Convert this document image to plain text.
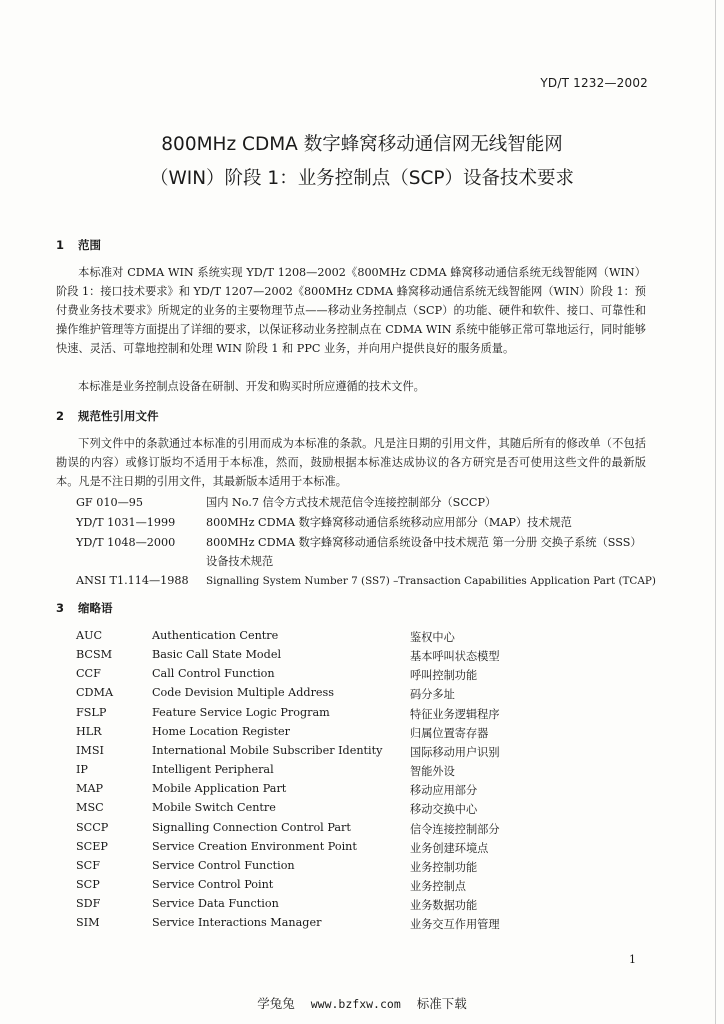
YD/T 1232—2002
800MHz CDMA 数字蜂窝移动通信网无线智能网
（WIN）阶段 1：业务控制点（SCP）设备技术要求
1 范围
本标准对 CDMA WIN 系统实现 YD/T 1208—2002《800MHz CDMA 蜂窝移动通信系统无线智能网（WIN）阶段 1：接口技术要求》和 YD/T 1207—2002《800MHz CDMA 蜂窝移动通信系统无线智能网（WIN）阶段 1：预付费业务技术要求》所规定的业务的主要物理节点——移动业务控制点（SCP）的功能、硬件和软件、接口、可靠性和操作维护管理等方面提出了详细的要求，以保证移动业务控制点在 CDMA WIN 系统中能够正常可靠地运行，同时能够快速、灵活、可靠地控制和处理 WIN 阶段 1 和 PPC 业务，并向用户提供良好的服务质量。
本标准是业务控制点设备在研制、开发和购买时所应遵循的技术文件。
2 规范性引用文件
下列文件中的条款通过本标准的引用而成为本标准的条款。凡是注日期的引用文件，其随后所有的修改单（不包括勘误的内容）或修订版均不适用于本标准，然而，鼓励根据本标准达成协议的各方研究是否可使用这些文件的最新版本。凡是不注日期的引用文件，其最新版本适用于本标准。
GF 010—95	国内 No.7 信令方式技术规范信令连接控制部分（SCCP）
YD/T 1031—1999	800MHz CDMA 数字蜂窝移动通信系统移动应用部分（MAP）技术规范
YD/T 1048—2000	800MHz CDMA 数字蜂窝移动通信系统设备中技术规范 第一分册 交换子系统（SSS）设备技术规范
ANSI T1.114—1988 Signalling System Number 7 (SS7) –Transaction Capabilities Application Part (TCAP)
3 缩略语
AUC	Authentication Centre	鉴权中心
BCSM	Basic Call State Model	基本呼叫状态模型
CCF	Call Control Function	呼叫控制功能
CDMA	Code Devision Multiple Address	码分多址
FSLP	Feature Service Logic Program	特征业务逻辑程序
HLR	Home Location Register	归属位置寄存器
IMSI	International Mobile Subscriber Identity 国际移动用户识别
IP	Intelligent Peripheral	智能外设
MAP	Mobile Application Part	移动应用部分
MSC	Mobile Switch Centre	移动交换中心
SCCP	Signalling Connection Control Part	信令连接控制部分
SCEP	Service Creation Environment Point	业务创建环境点
SCF	Service Control Function	业务控制功能
SCP	Service Control Point	业务控制点
SDF	Service Data Function	业务数据功能
SIM	Service Interactions Manager	业务交互作用管理
1
学兔兔 www.bzfxw.com 标准下载
